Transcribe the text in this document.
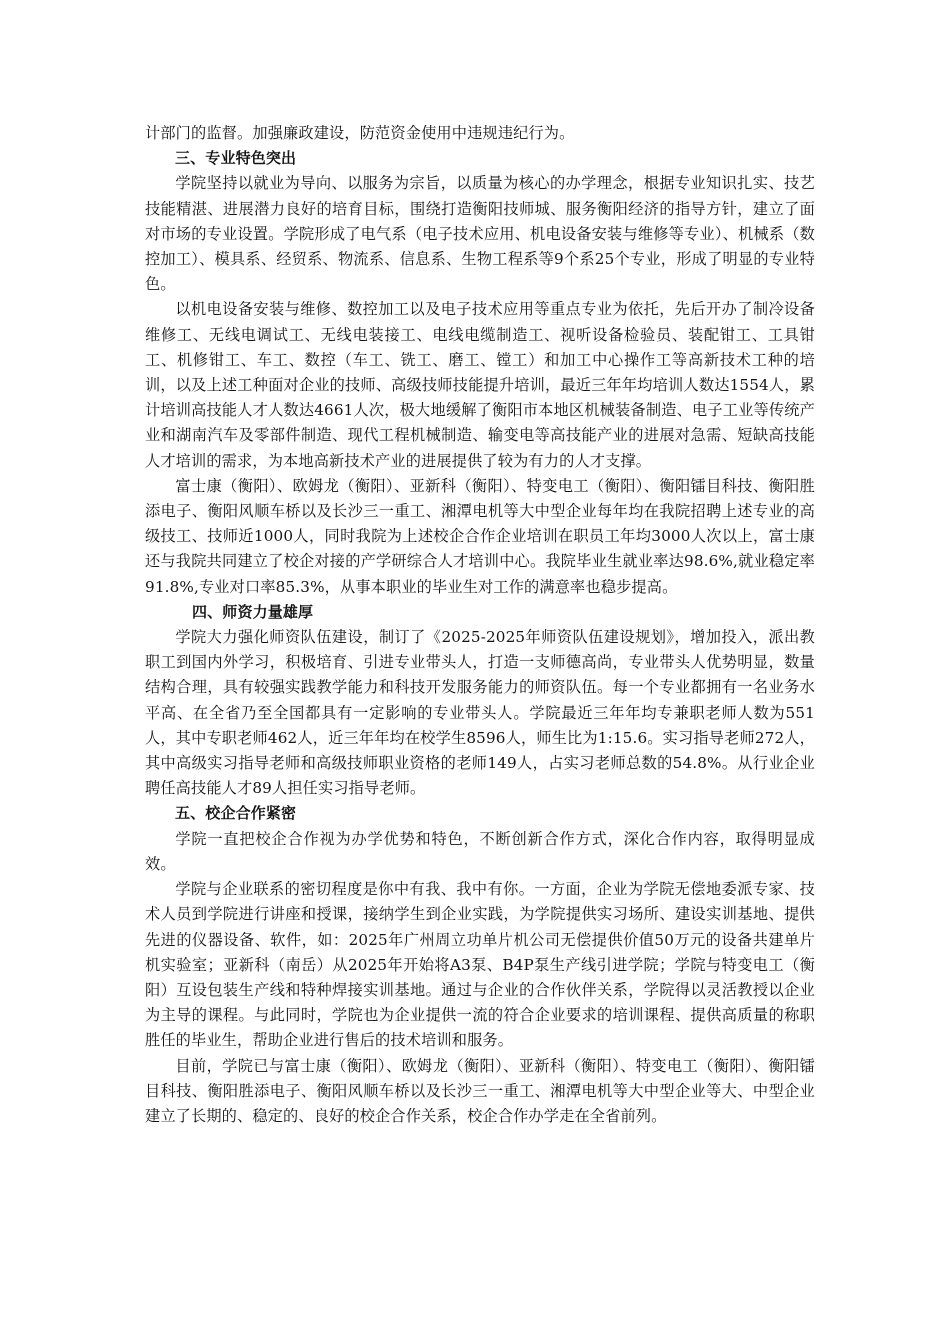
计部门的监督。加强廉政建设，防范资金使用中违规违纪行为。

三、专业特色突出

学院坚持以就业为导向、以服务为宗旨，以质量为核心的办学理念，根据专业知识扎实、技艺技能精湛、进展潜力良好的培育目标，围绕打造衡阳技师城、服务衡阳经济的指导方针，建立了面对市场的专业设置。学院形成了电气系（电子技术应用、机电设备安装与维修等专业）、机械系（数控加工）、模具系、经贸系、物流系、信息系、生物工程系等9个系25个专业，形成了明显的专业特色。

以机电设备安装与维修、数控加工以及电子技术应用等重点专业为依托，先后开办了制冷设备维修工、无线电调试工、无线电装接工、电线电缆制造工、视听设备检验员、装配钳工、工具钳工、机修钳工、车工、数控（车工、铣工、磨工、镗工）和加工中心操作工等高新技术工种的培训，以及上述工种面对企业的技师、高级技师技能提升培训，最近三年年均培训人数达1554人，累计培训高技能人才人数达4661人次，极大地缓解了衡阳市本地区机械装备制造、电子工业等传统产业和湖南汽车及零部件制造、现代工程机械制造、输变电等高技能产业的进展对急需、短缺高技能人才培训的需求，为本地高新技术产业的进展提供了较为有力的人才支撑。

富士康（衡阳）、欧姆龙（衡阳）、亚新科（衡阳）、特变电工（衡阳）、衡阳镭目科技、衡阳胜添电子、衡阳风顺车桥以及长沙三一重工、湘潭电机等大中型企业每年均在我院招聘上述专业的高级技工、技师近1000人，同时我院为上述校企合作企业培训在职员工年均3000人次以上，富士康还与我院共同建立了校企对接的产学研综合人才培训中心。我院毕业生就业率达98.6%,就业稳定率91.8%,专业对口率85.3%，从事本职业的毕业生对工作的满意率也稳步提高。

四、师资力量雄厚

学院大力强化师资队伍建设，制订了《2025-2025年师资队伍建设规划》，增加投入，派出教职工到国内外学习，积极培育、引进专业带头人，打造一支师德高尚，专业带头人优势明显，数量结构合理，具有较强实践教学能力和科技开发服务能力的师资队伍。每一个专业都拥有一名业务水平高、在全省乃至全国都具有一定影响的专业带头人。学院最近三年年均专兼职老师人数为551人，其中专职老师462人，近三年年均在校学生8596人，师生比为1:15.6。实习指导老师272人，其中高级实习指导老师和高级技师职业资格的老师149人，占实习老师总数的54.8%。从行业企业聘任高技能人才89人担任实习指导老师。

五、校企合作紧密

学院一直把校企合作视为办学优势和特色，不断创新合作方式，深化合作内容，取得明显成效。

学院与企业联系的密切程度是你中有我、我中有你。一方面，企业为学院无偿地委派专家、技术人员到学院进行讲座和授课，接纳学生到企业实践，为学院提供实习场所、建设实训基地、提供先进的仪器设备、软件，如：2025年广州周立功单片机公司无偿提供价值50万元的设备共建单片机实验室；亚新科（南岳）从2025年开始将A3泵、B4P泵生产线引进学院；学院与特变电工（衡阳）互设包装生产线和特种焊接实训基地。通过与企业的合作伙伴关系，学院得以灵活教授以企业为主导的课程。与此同时，学院也为企业提供一流的符合企业要求的培训课程、提供高质量的称职胜任的毕业生，帮助企业进行售后的技术培训和服务。

目前，学院已与富士康（衡阳）、欧姆龙（衡阳）、亚新科（衡阳）、特变电工（衡阳）、衡阳镭目科技、衡阳胜添电子、衡阳风顺车桥以及长沙三一重工、湘潭电机等大中型企业等大、中型企业建立了长期的、稳定的、良好的校企合作关系，校企合作办学走在全省前列。
